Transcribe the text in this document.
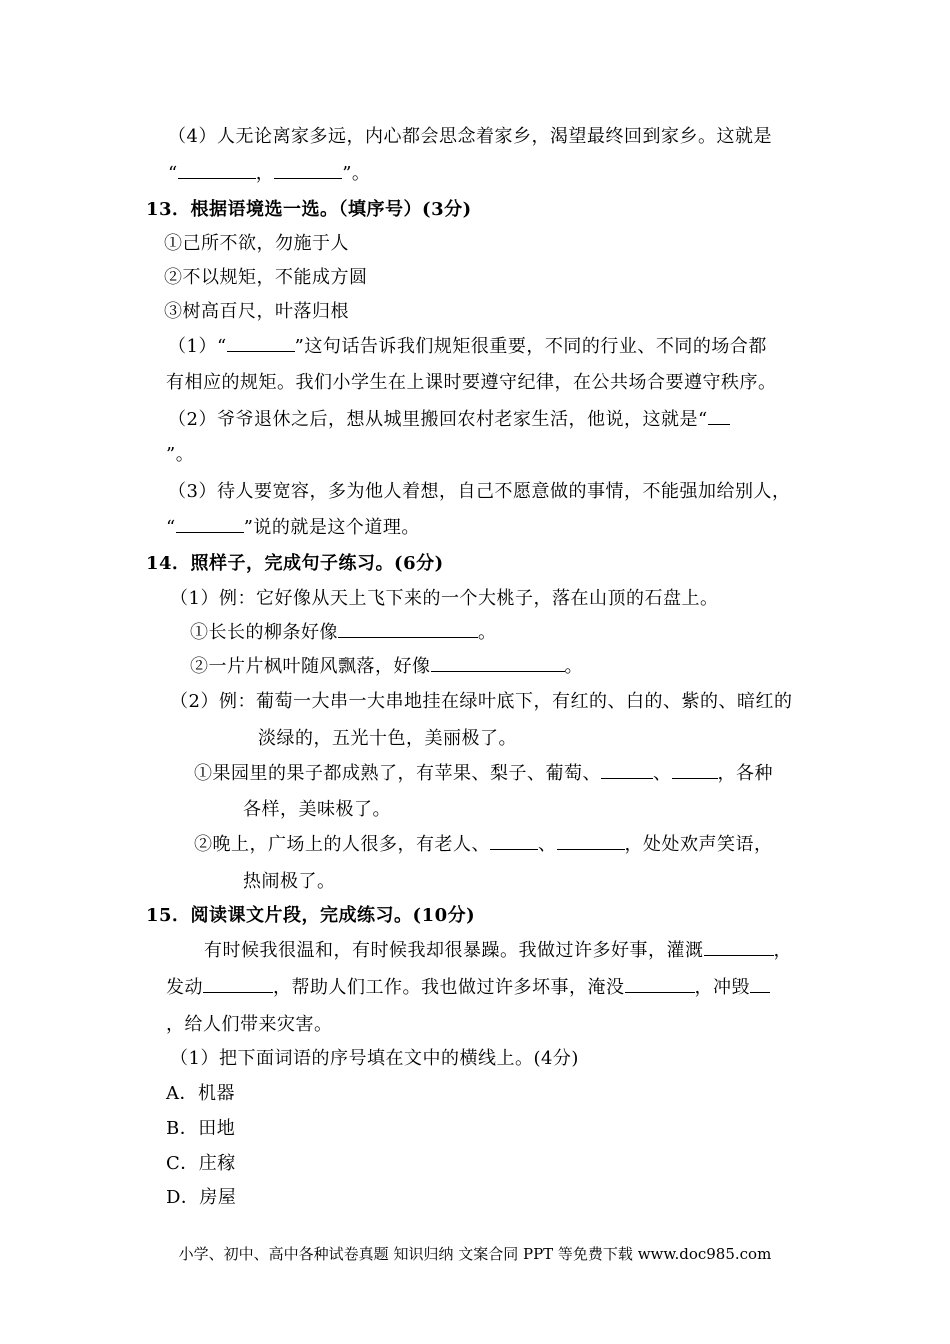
（4）人无论离家多远，内心都会思念着家乡，渴望最终回到家乡。这就是
“	，	”。
13．根据语境选一选。（填序号）(3分)
①己所不欲，勿施于人
②不以规矩，不能成方圆
③树高百尺，叶落归根
（1）“	”这句话告诉我们规矩很重要，不同的行业、不同的场合都
有相应的规矩。我们小学生在上课时要遵守纪律，在公共场合要遵守秩序。
（2）爷爷退休之后，想从城里搬回农村老家生活，他说，这就是“
”。
（3）待人要宽容，多为他人着想，自己不愿意做的事情，不能强加给别人，
“	”说的就是这个道理。
14．照样子，完成句子练习。(6分)
（1）例：它好像从天上飞下来的一个大桃子，落在山顶的石盘上。
①长长的柳条好像	。
②一片片枫叶随风飘落，好像	。
（2）例：葡萄一大串一大串地挂在绿叶底下，有红的、白的、紫的、暗红的
淡绿的，五光十色，美丽极了。
①果园里的果子都成熟了，有苹果、梨子、葡萄、	、	，各种
各样，美味极了。
②晚上，广场上的人很多，有老人、	、	，处处欢声笑语，
热闹极了。
15．阅读课文片段，完成练习。(10分)
有时候我很温和，有时候我却很暴躁。我做过许多好事，灌溉	，
发动	，帮助人们工作。我也做过许多坏事，淹没	，冲毁
，给人们带来灾害。
（1）把下面词语的序号填在文中的横线上。(4分)
A．机器
B．田地
C．庄稼
D．房屋
小学、初中、高中各种试卷真题 知识归纳 文案合同 PPT 等免费下载 www.doc985.com
